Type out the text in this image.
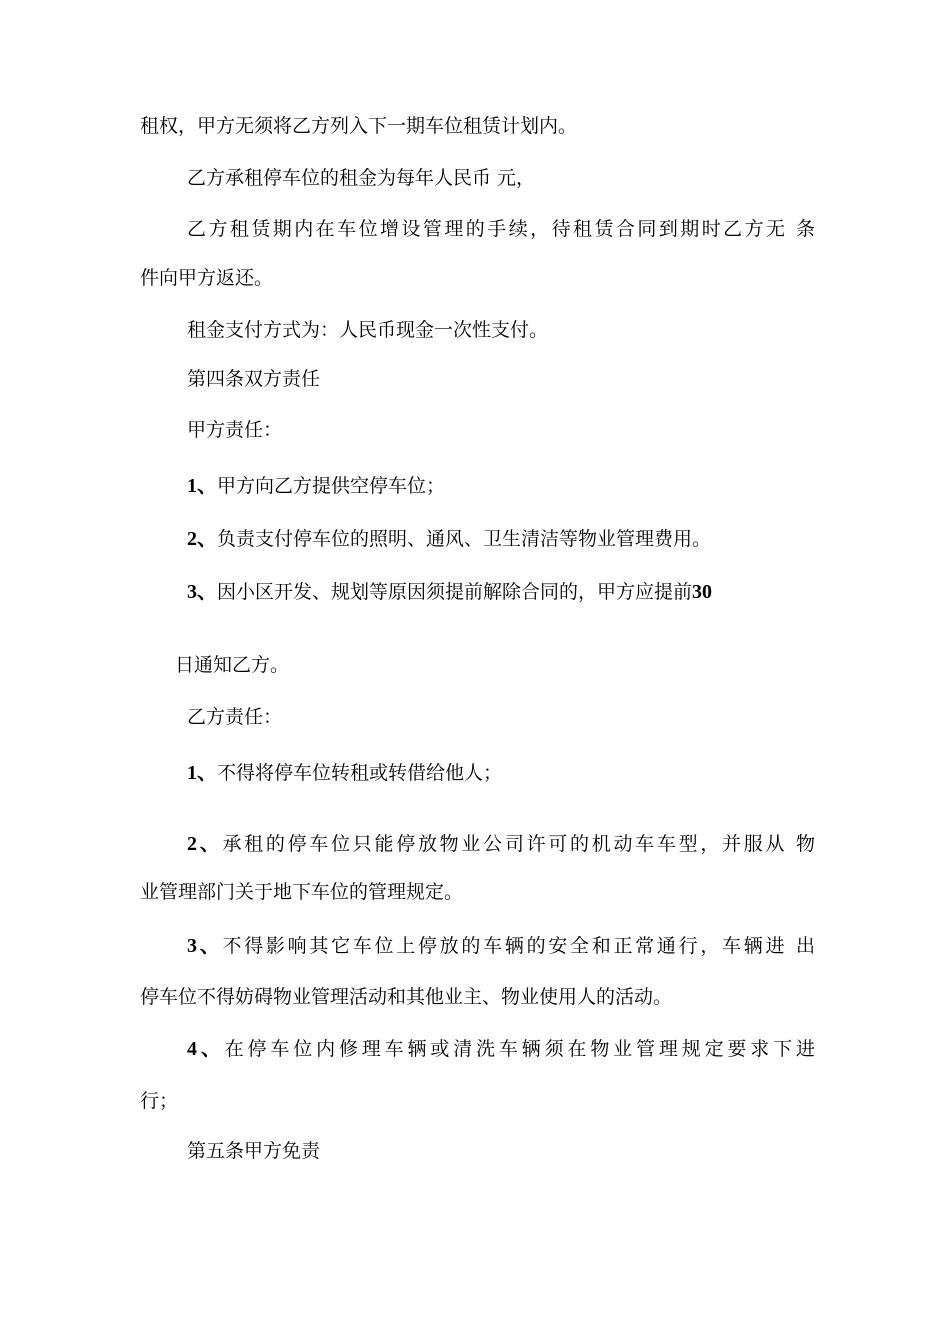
租权，甲方无须将乙方列入下一期车位租赁计划内。

乙方承租停车位的租金为每年人民币 元，

乙方租赁期内在车位增设管理的手续，待租赁合同到期时乙方无 条

件向甲方返还。

租金支付方式为：人民币现金一次性支付。

第四条双方责任

甲方责任：

1、甲方向乙方提供空停车位；

2、负责支付停车位的照明、通风、卫生清洁等物业管理费用。

3、因小区开发、规划等原因须提前解除合同的，甲方应提前30

日通知乙方。

乙方责任：

1、不得将停车位转租或转借给他人；

2、承租的停车位只能停放物业公司许可的机动车车型，并服从 物

业管理部门关于地下车位的管理规定。

3、不得影响其它车位上停放的车辆的安全和正常通行，车辆进 出

停车位不得妨碍物业管理活动和其他业主、物业使用人的活动。

4、在停车位内修理车辆或清洗车辆须在物业管理规定要求下进

行；

第五条甲方免责
